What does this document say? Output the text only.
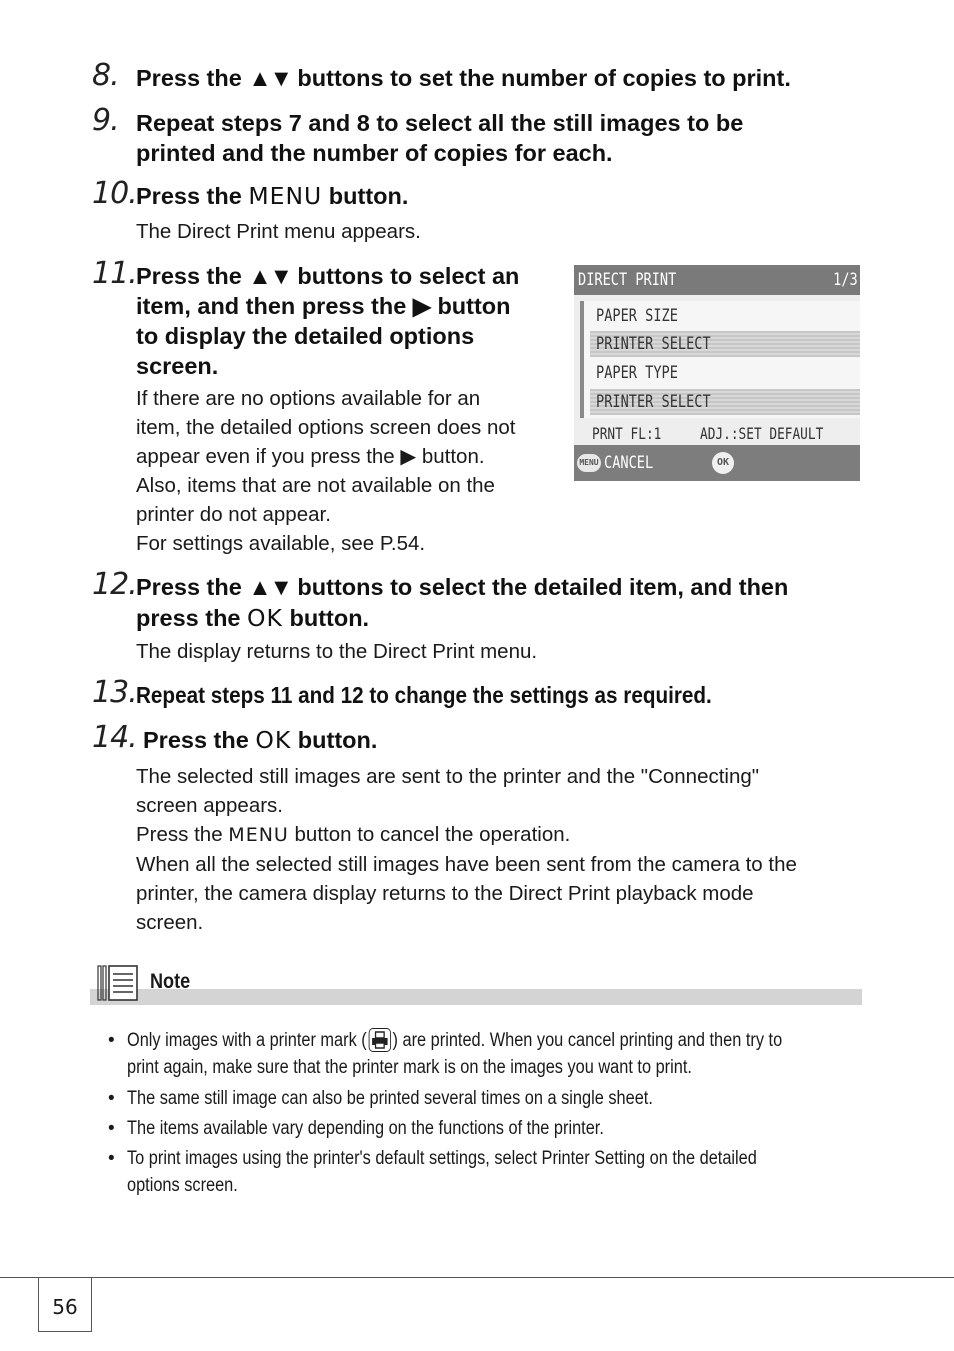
8. Press the ▲▼ buttons to set the number of copies to print.
9. Repeat steps 7 and 8 to select all the still images to be
printed and the number of copies for each.
10. Press the MENU button.
The Direct Print menu appears.
11. Press the ▲▼ buttons to select an
item, and then press the ▶ button
to display the detailed options
screen.
If there are no options available for an
item, the detailed options screen does not
appear even if you press the ▶ button.
Also, items that are not available on the
printer do not appear.
For settings available, see P.54.
DIRECT PRINT	1/3
PAPER SIZE
PRINTER SELECT
PAPER TYPE
PRINTER SELECT
PRNT FL:1 ADJ.:SET DEFAULT
MENU CANCEL	OK
12. Press the ▲▼ buttons to select the detailed item, and then
press the OK button.
The display returns to the Direct Print menu.
13. Repeat steps 11 and 12 to change the settings as required.
14. Press the OK button.
The selected still images are sent to the printer and the "Connecting"
screen appears.
Press the MENU button to cancel the operation.
When all the selected still images have been sent from the camera to the
printer, the camera display returns to the Direct Print playback mode
screen.
Note
• Only images with a printer mark ( ) are printed. When you cancel printing and then try to
print again, make sure that the printer mark is on the images you want to print.
• The same still image can also be printed several times on a single sheet.
• The items available vary depending on the functions of the printer.
• To print images using the printer's default settings, select Printer Setting on the detailed
options screen.
56
